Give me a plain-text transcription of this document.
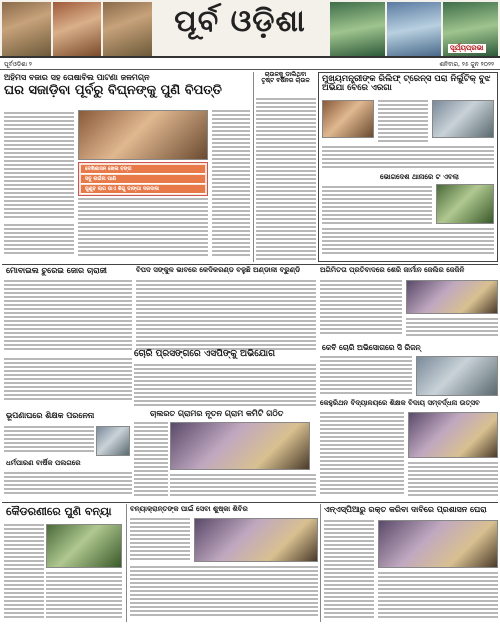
ପୂର୍ବ ଓଡ଼ିଶା
ସୂର୍ଯ୍ୟପ୍ରଭା
ପୂର୍ବଓଡ଼ିଶା ୨	ଶନିବାର, ୨୫ ଜୁନ ୨୦୨୨
ଅହିମସ ବଜାର ସହ ତୋଷାବିଲ ପାଟଣା ଜଳମଗ୍ନ
ଘର ସଜାଡ଼ିବା ପୂର୍ବରୁ ବିଘ୍ନଙ୍କୁ ପୁଣି ବିପତ୍ତି
ଦେଖିଶାସନ ଖେଳା ବଙ୍ଗ
ସବୁ ନାଇଁନା ପାଣି
ପୁଣୁବ ଲାଗ ପାଏ ଶିଗୁ ଡାଙ୍ଗା ଦରଦାଳା
ଚାଉଳକୁ ଡାଲିଥିବା ତୃଷ୍ଟ ବର୍ଷିନର ଚାଉଳ	ମୁଖ୍ୟମନ୍ତ୍ରୀଙ୍କ ରିଲିଫ୍ ଟ୍ରେନ୍ସ ପରା ନିର୍ଲୁଟିକ୍ ବୁଝ ଅଭିଯା ବେରେ ଏରଗା
ଭୋଗଦେଶ ଥାନାରେ ଟ ଏବଲା
ମୋବାଇଲ ଚୁରେଇ ଜୋର ଚାରାଜୀ	ବିପଦ ସଙ୍କୁଳ ଭାବରେ କେଦିକରଣ୍ଡ ବଳୁଛି ଅଣ୍ଡାଳୀ ବ୍ରୁଣ୍ଡି	ଅଗିମିତତା ପ୍ରତିବାଦରେ ଶେରି ଜାର୍ମାନ ଜେଲିର ଜେଜିନି
ଚୋରି ପ୍ରସଙ୍ଗରେ ଏସପିଙ୍କୁ ଅଭିଯୋଗ
ଚାଲରତ ଗ୍ରାମର ନୂତନ ଗ୍ରାମ କମିଟି ଗଠିତ
ଭୂପଣାଘରେ ଶିକ୍ଷକ ପରନେନା
ଧର୍ମପାରଣ ବାର୍ଷିକ ପଲଗରେ
କେବି ଚୋରି ଅଭିସୋଗରେ ସି ରିଜନ୍
କେହୁରିଥନ ବିଦ୍ୟାଳୟରେ ଶିକ୍ଷକ ବିଦାୟ ସମ୍ବର୍ଦ୍ଧନା ଉତ୍ସବ
କୈଡରଣୀରେ ପୁଣି ବନ୍ୟା	ବନ୍ୟାକ୍ରାନ୍ତଙ୍କ ପାଇଁ ସେବା ଶୁଷ୍କା ଶିବିର	ଏନ୍‌ଏସ୍‌ପିଆରୁ ରକ୍ତ କରିବା ଦାବିରେ ପ୍ରଶାସନ ଘେରା
